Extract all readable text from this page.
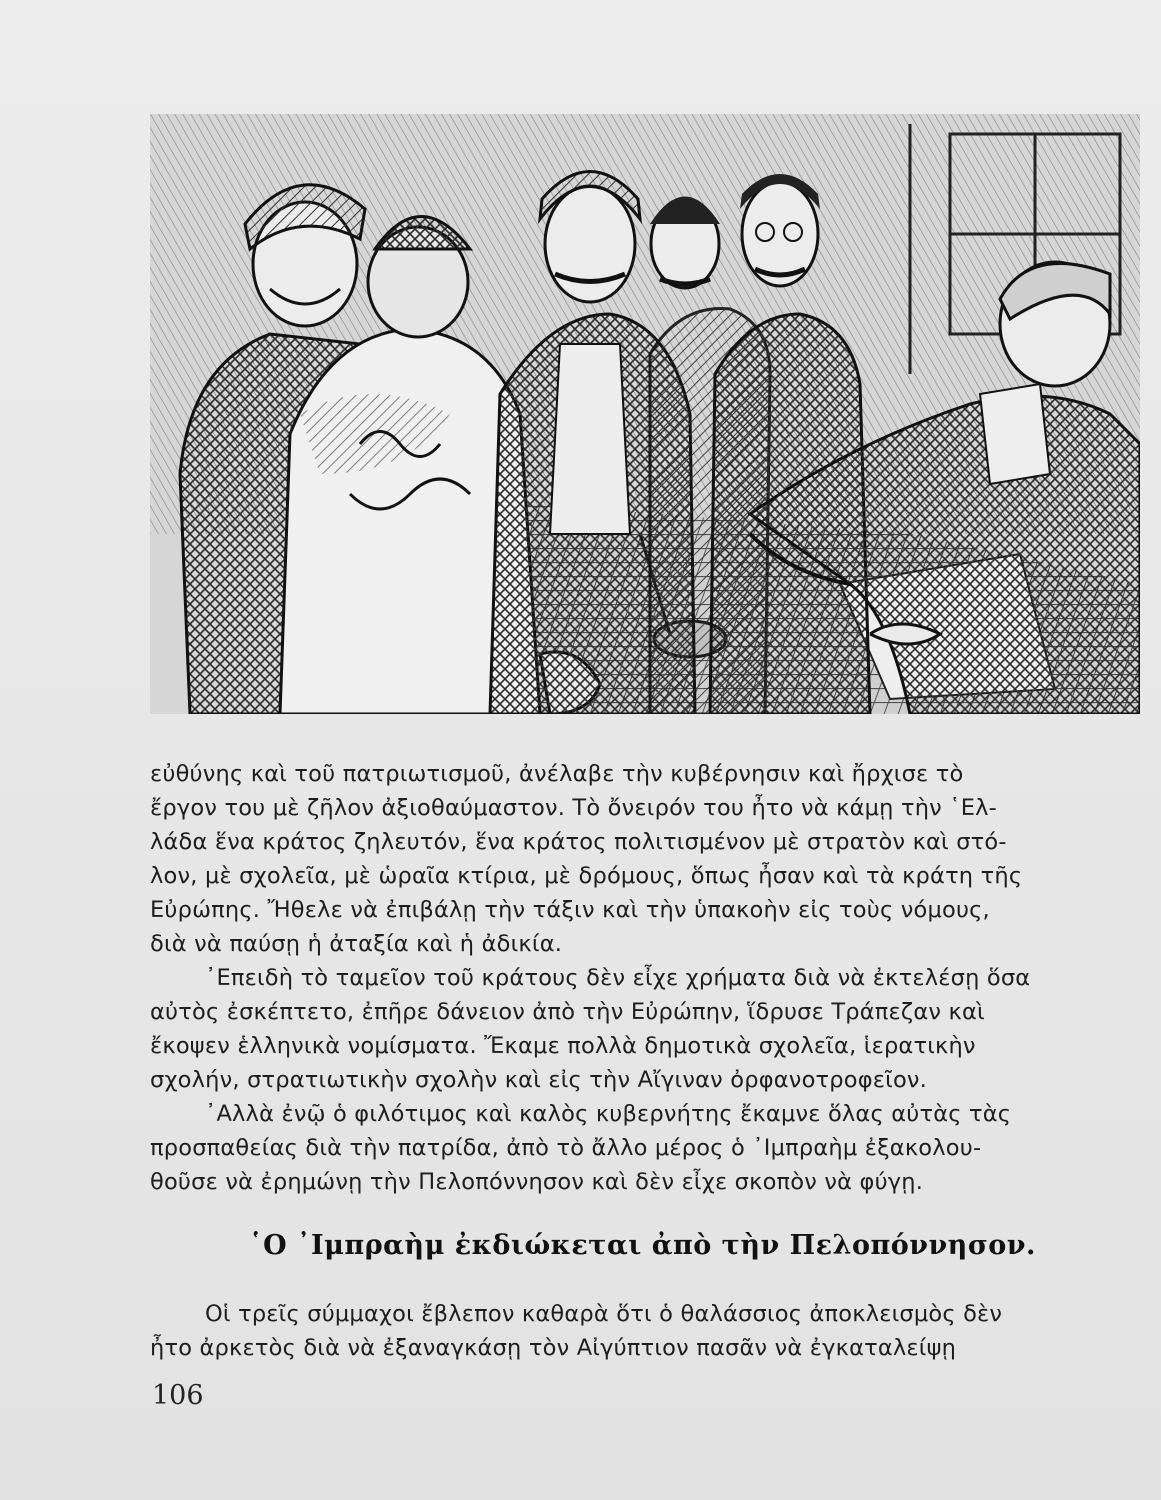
εὐθύνης καὶ τοῦ πατριωτισμοῦ, ἀνέλαβε τὴν κυβέρνησιν καὶ ἤρχισε τὸ
ἔργον του μὲ ζῆλον ἀξιοθαύμαστον. Τὸ ὄνειρόν του ἦτο νὰ κάμῃ τὴν ῾Ελ-
λάδα ἕνα κράτος ζηλευτόν, ἕνα κράτος πολιτισμένον μὲ στρατὸν καὶ στό-
λον, μὲ σχολεῖα, μὲ ὡραῖα κτίρια, μὲ δρόμους, ὅπως ἦσαν καὶ τὰ κράτη τῆς
Εὐρώπης. Ἤθελε νὰ ἐπιβάλῃ τὴν τάξιν καὶ τὴν ὑπακοὴν εἰς τοὺς νόμους,
διὰ νὰ παύσῃ ἡ ἀταξία καὶ ἡ ἀδικία.

᾿Επειδὴ τὸ ταμεῖον τοῦ κράτους δὲν εἶχε χρήματα διὰ νὰ ἐκτελέσῃ ὅσα
αὐτὸς ἐσκέπτετο, ἐπῆρε δάνειον ἀπὸ τὴν Εὐρώπην, ἵδρυσε Τράπεζαν καὶ
ἔκοψεν ἑλληνικὰ νομίσματα. Ἔκαμε πολλὰ δημοτικὰ σχολεῖα, ἱερατικὴν
σχολήν, στρατιωτικὴν σχολὴν καὶ εἰς τὴν Αἴγιναν ὀρφανοτροφεῖον.

᾿Αλλὰ ἐνῷ ὁ φιλότιμος καὶ καλὸς κυβερνήτης ἔκαμνε ὅλας αὐτὰς τὰς
προσπαθείας διὰ τὴν πατρίδα, ἀπὸ τὸ ἄλλο μέρος ὁ ᾿Ιμπραὴμ ἐξακολου-
θοῦσε νὰ ἐρημώνῃ τὴν Πελοπόννησον καὶ δὲν εἶχε σκοπὸν νὰ φύγῃ.

῾Ο ᾿Ιμπραὴμ ἐκδιώκεται ἀπὸ τὴν Πελοπόννησον.

Οἱ τρεῖς σύμμαχοι ἔβλεπον καθαρὰ ὅτι ὁ θαλάσσιος ἀποκλεισμὸς δὲν
ἦτο ἀρκετὸς διὰ νὰ ἐξαναγκάσῃ τὸν Αἰγύπτιον πασᾶν νὰ ἐγκαταλείψῃ

106
